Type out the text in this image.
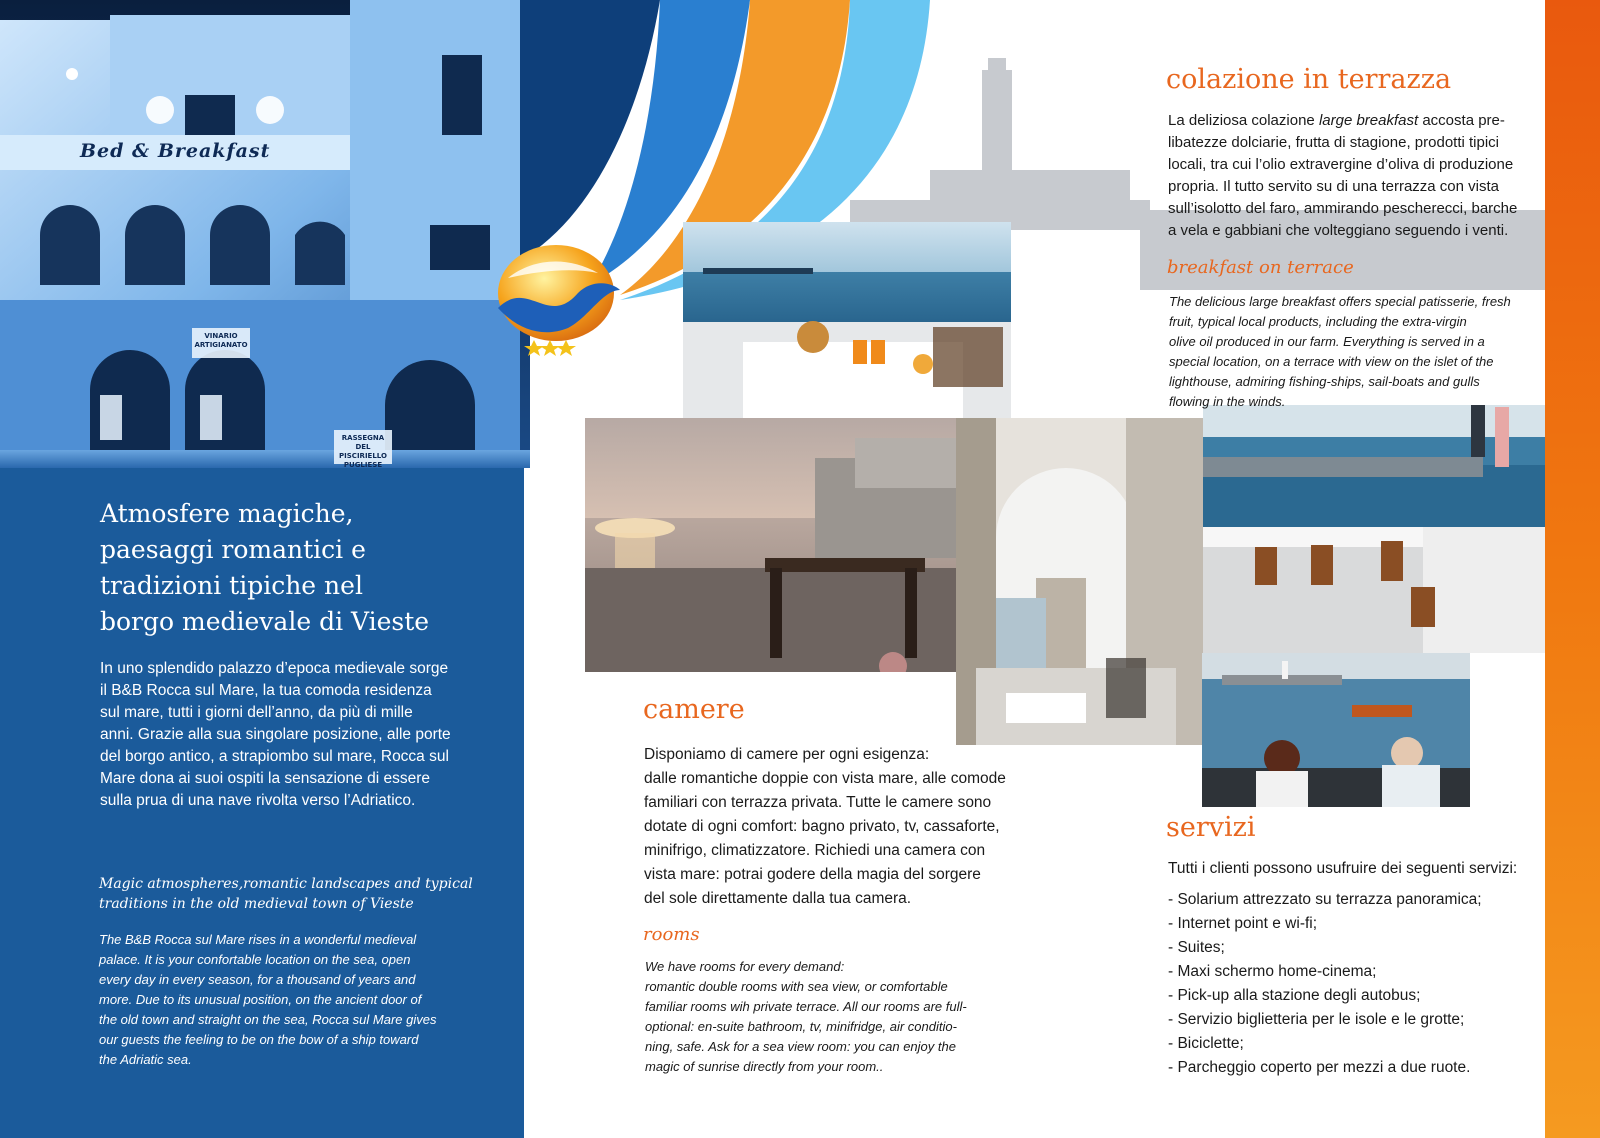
Bed & Breakfast
VINARIO ARTIGIANATO
RASSEGNA DEL PISCIRIELLO PUGLIESE
Atmosfere magiche,
paesaggi romantici e
tradizioni tipiche nel
borgo medievale di Vieste
In uno splendido palazzo d’epoca medievale sorge
il B&B Rocca sul Mare, la tua comoda residenza
sul mare, tutti i giorni dell’anno, da più di mille
anni. Grazie alla sua singolare posizione, alle porte
del borgo antico, a strapiombo sul mare, Rocca sul
Mare dona ai suoi ospiti la sensazione di essere
sulla prua di una nave rivolta verso l’Adriatico.
Magic atmospheres,romantic landscapes and typical
traditions in the old medieval town of Vieste
The B&B Rocca sul Mare rises in a wonderful medieval
palace. It is your confortable location on the sea, open
every day in every season, for a thousand of years and
more. Due to its unusual position, on the ancient door of
the old town and straight on the sea, Rocca sul Mare gives
our guests the feeling to be on the bow of a ship toward
the Adriatic sea.
colazione in terrazza
La deliziosa colazione large breakfast accosta pre-
libatezze dolciarie, frutta di stagione, prodotti tipici
locali, tra cui l’olio extravergine d’oliva di produzione
propria. Il tutto servito su di una terrazza con vista
sull’isolotto del faro, ammirando pescherecci, barche
a vela e gabbiani che volteggiano seguendo i venti.
breakfast on terrace
The delicious large breakfast offers special patisserie, fresh
fruit, typical local products, including the extra-virgin
olive oil produced in our farm. Everything is served in a
special location, on a terrace with view on the islet of the
lighthouse, admiring fishing-ships, sail-boats and gulls
flowing in the winds.
camere
Disponiamo di camere per ogni esigenza:
dalle romantiche doppie con vista mare, alle comode
familiari con terrazza privata. Tutte le camere sono
dotate di ogni comfort: bagno privato, tv, cassaforte,
minifrigo, climatizzatore. Richiedi una camera con
vista mare: potrai godere della magia del sorgere
del sole direttamente dalla tua camera.
rooms
We have rooms for every demand:
romantic double rooms with sea view, or comfortable
familiar rooms wih private terrace. All our rooms are full-
optional: en-suite bathroom, tv, minifridge, air conditio-
ning, safe. Ask for a sea view room: you can enjoy the
magic of sunrise directly from your room..
servizi
Tutti i clienti possono usufruire dei seguenti servizi:
- Solarium attrezzato su terrazza panoramica;
- Internet point e wi-fi;
- Suites;
- Maxi schermo home-cinema;
- Pick-up alla stazione degli autobus;
- Servizio biglietteria per le isole e le grotte;
- Biciclette;
- Parcheggio coperto per mezzi a due ruote.
